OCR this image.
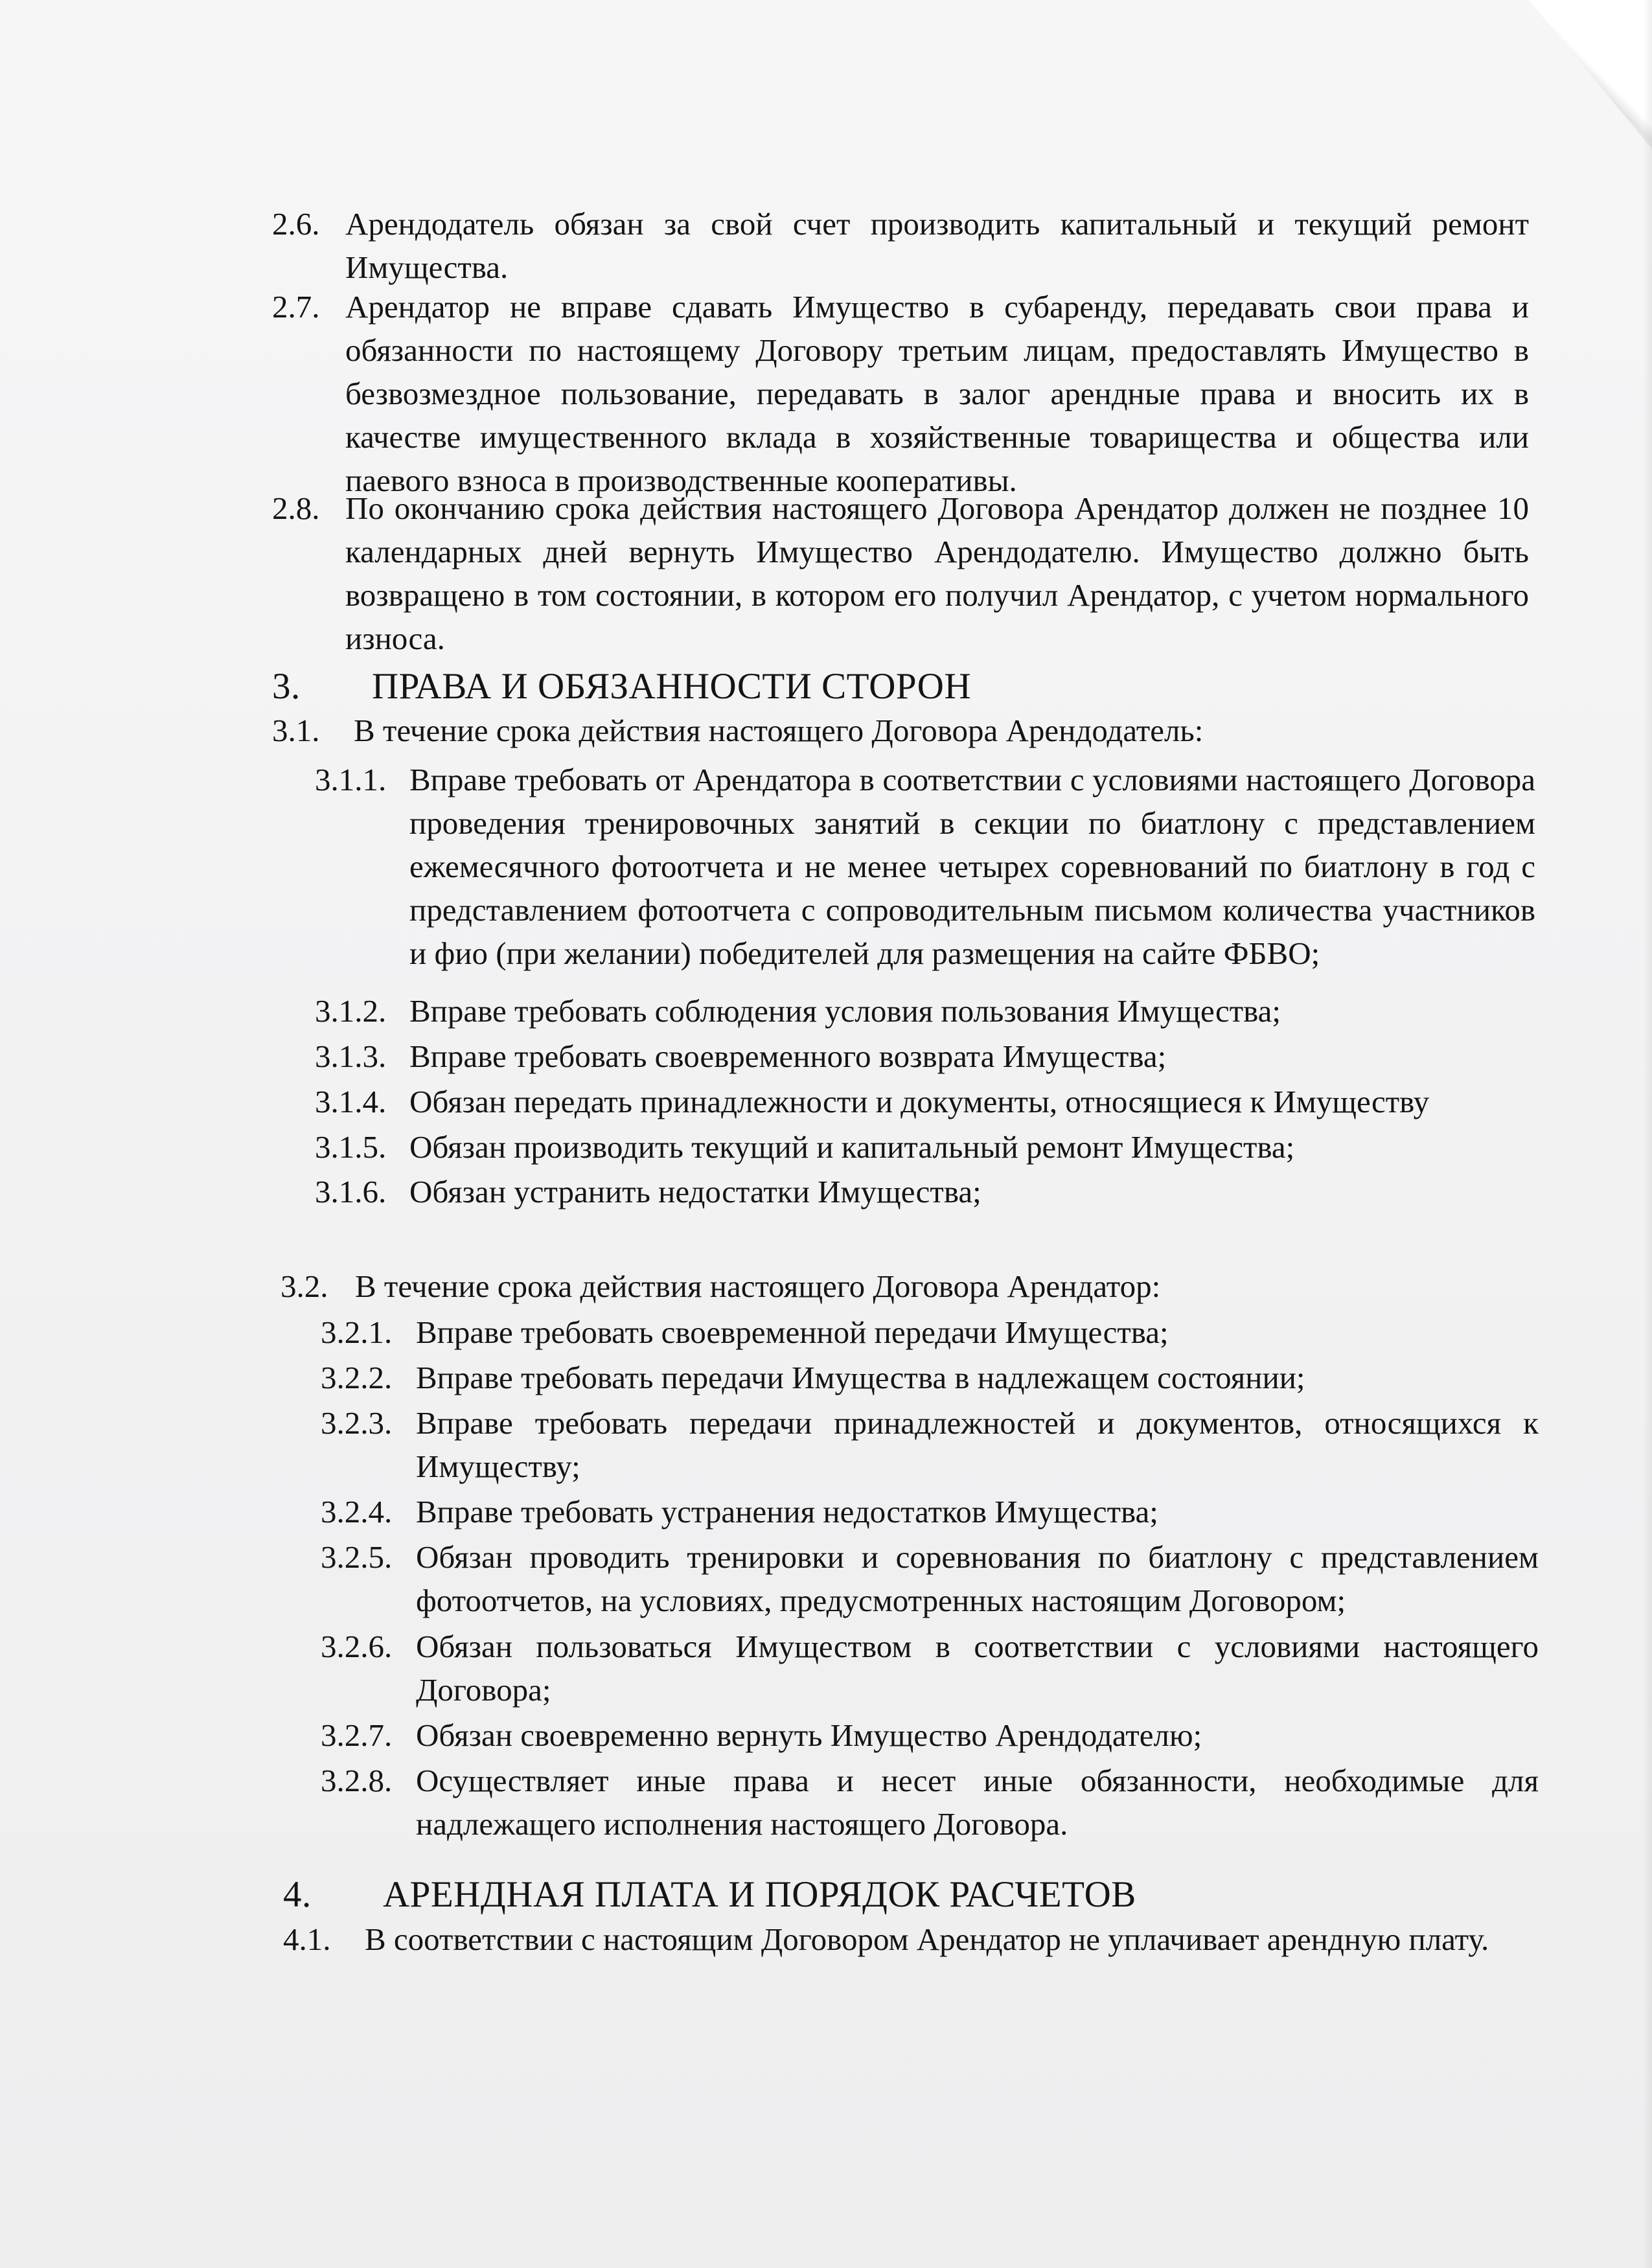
2.6. Арендодатель обязан за свой счет производить капитальный и текущий ремонт Имущества.
2.7. Арендатор не вправе сдавать Имущество в субаренду, передавать свои права и обязанности по настоящему Договору третьим лицам, предоставлять Имущество в безвозмездное пользование, передавать в залог арендные права и вносить их в качестве имущественного вклада в хозяйственные товарищества и общества или паевого взноса в производственные кооперативы.
2.8. По окончанию срока действия настоящего Договора Арендатор должен не позднее 10 календарных дней вернуть Имущество Арендодателю. Имущество должно быть возвращено в том состоянии, в котором его получил Арендатор, с учетом нормального износа.
3.	ПРАВА И ОБЯЗАННОСТИ СТОРОН
3.1.	В течение срока действия настоящего Договора Арендодатель:
3.1.1. Вправе требовать от Арендатора в соответствии с условиями настоящего Договора проведения тренировочных занятий в секции по биатлону с представлением ежемесячного фотоотчета и не менее четырех соревнований по биатлону в год с представлением фотоотчета с сопроводительным письмом количества участников и фио (при желании) победителей для размещения на сайте ФБВО;
3.1.2. Вправе требовать соблюдения условия пользования Имущества;
3.1.3. Вправе требовать своевременного возврата Имущества;
3.1.4. Обязан передать принадлежности и документы, относящиеся к Имуществу
3.1.5. Обязан производить текущий и капитальный ремонт Имущества;
3.1.6. Обязан устранить недостатки Имущества;
3.2. В течение срока действия настоящего Договора Арендатор:
3.2.1. Вправе требовать своевременной передачи Имущества;
3.2.2. Вправе требовать передачи Имущества в надлежащем состоянии;
3.2.3. Вправе требовать передачи принадлежностей и документов, относящихся к Имуществу;
3.2.4. Вправе требовать устранения недостатков Имущества;
3.2.5. Обязан проводить тренировки и соревнования по биатлону с представлением фотоотчетов, на условиях, предусмотренных настоящим Договором;
3.2.6. Обязан пользоваться Имуществом в соответствии с условиями настоящего Договора;
3.2.7. Обязан своевременно вернуть Имущество Арендодателю;
3.2.8. Осуществляет иные права и несет иные обязанности, необходимые для надлежащего исполнения настоящего Договора.
4.	АРЕНДНАЯ ПЛАТА И ПОРЯДОК РАСЧЕТОВ
4.1.	В соответствии с настоящим Договором Арендатор не уплачивает арендную плату.
